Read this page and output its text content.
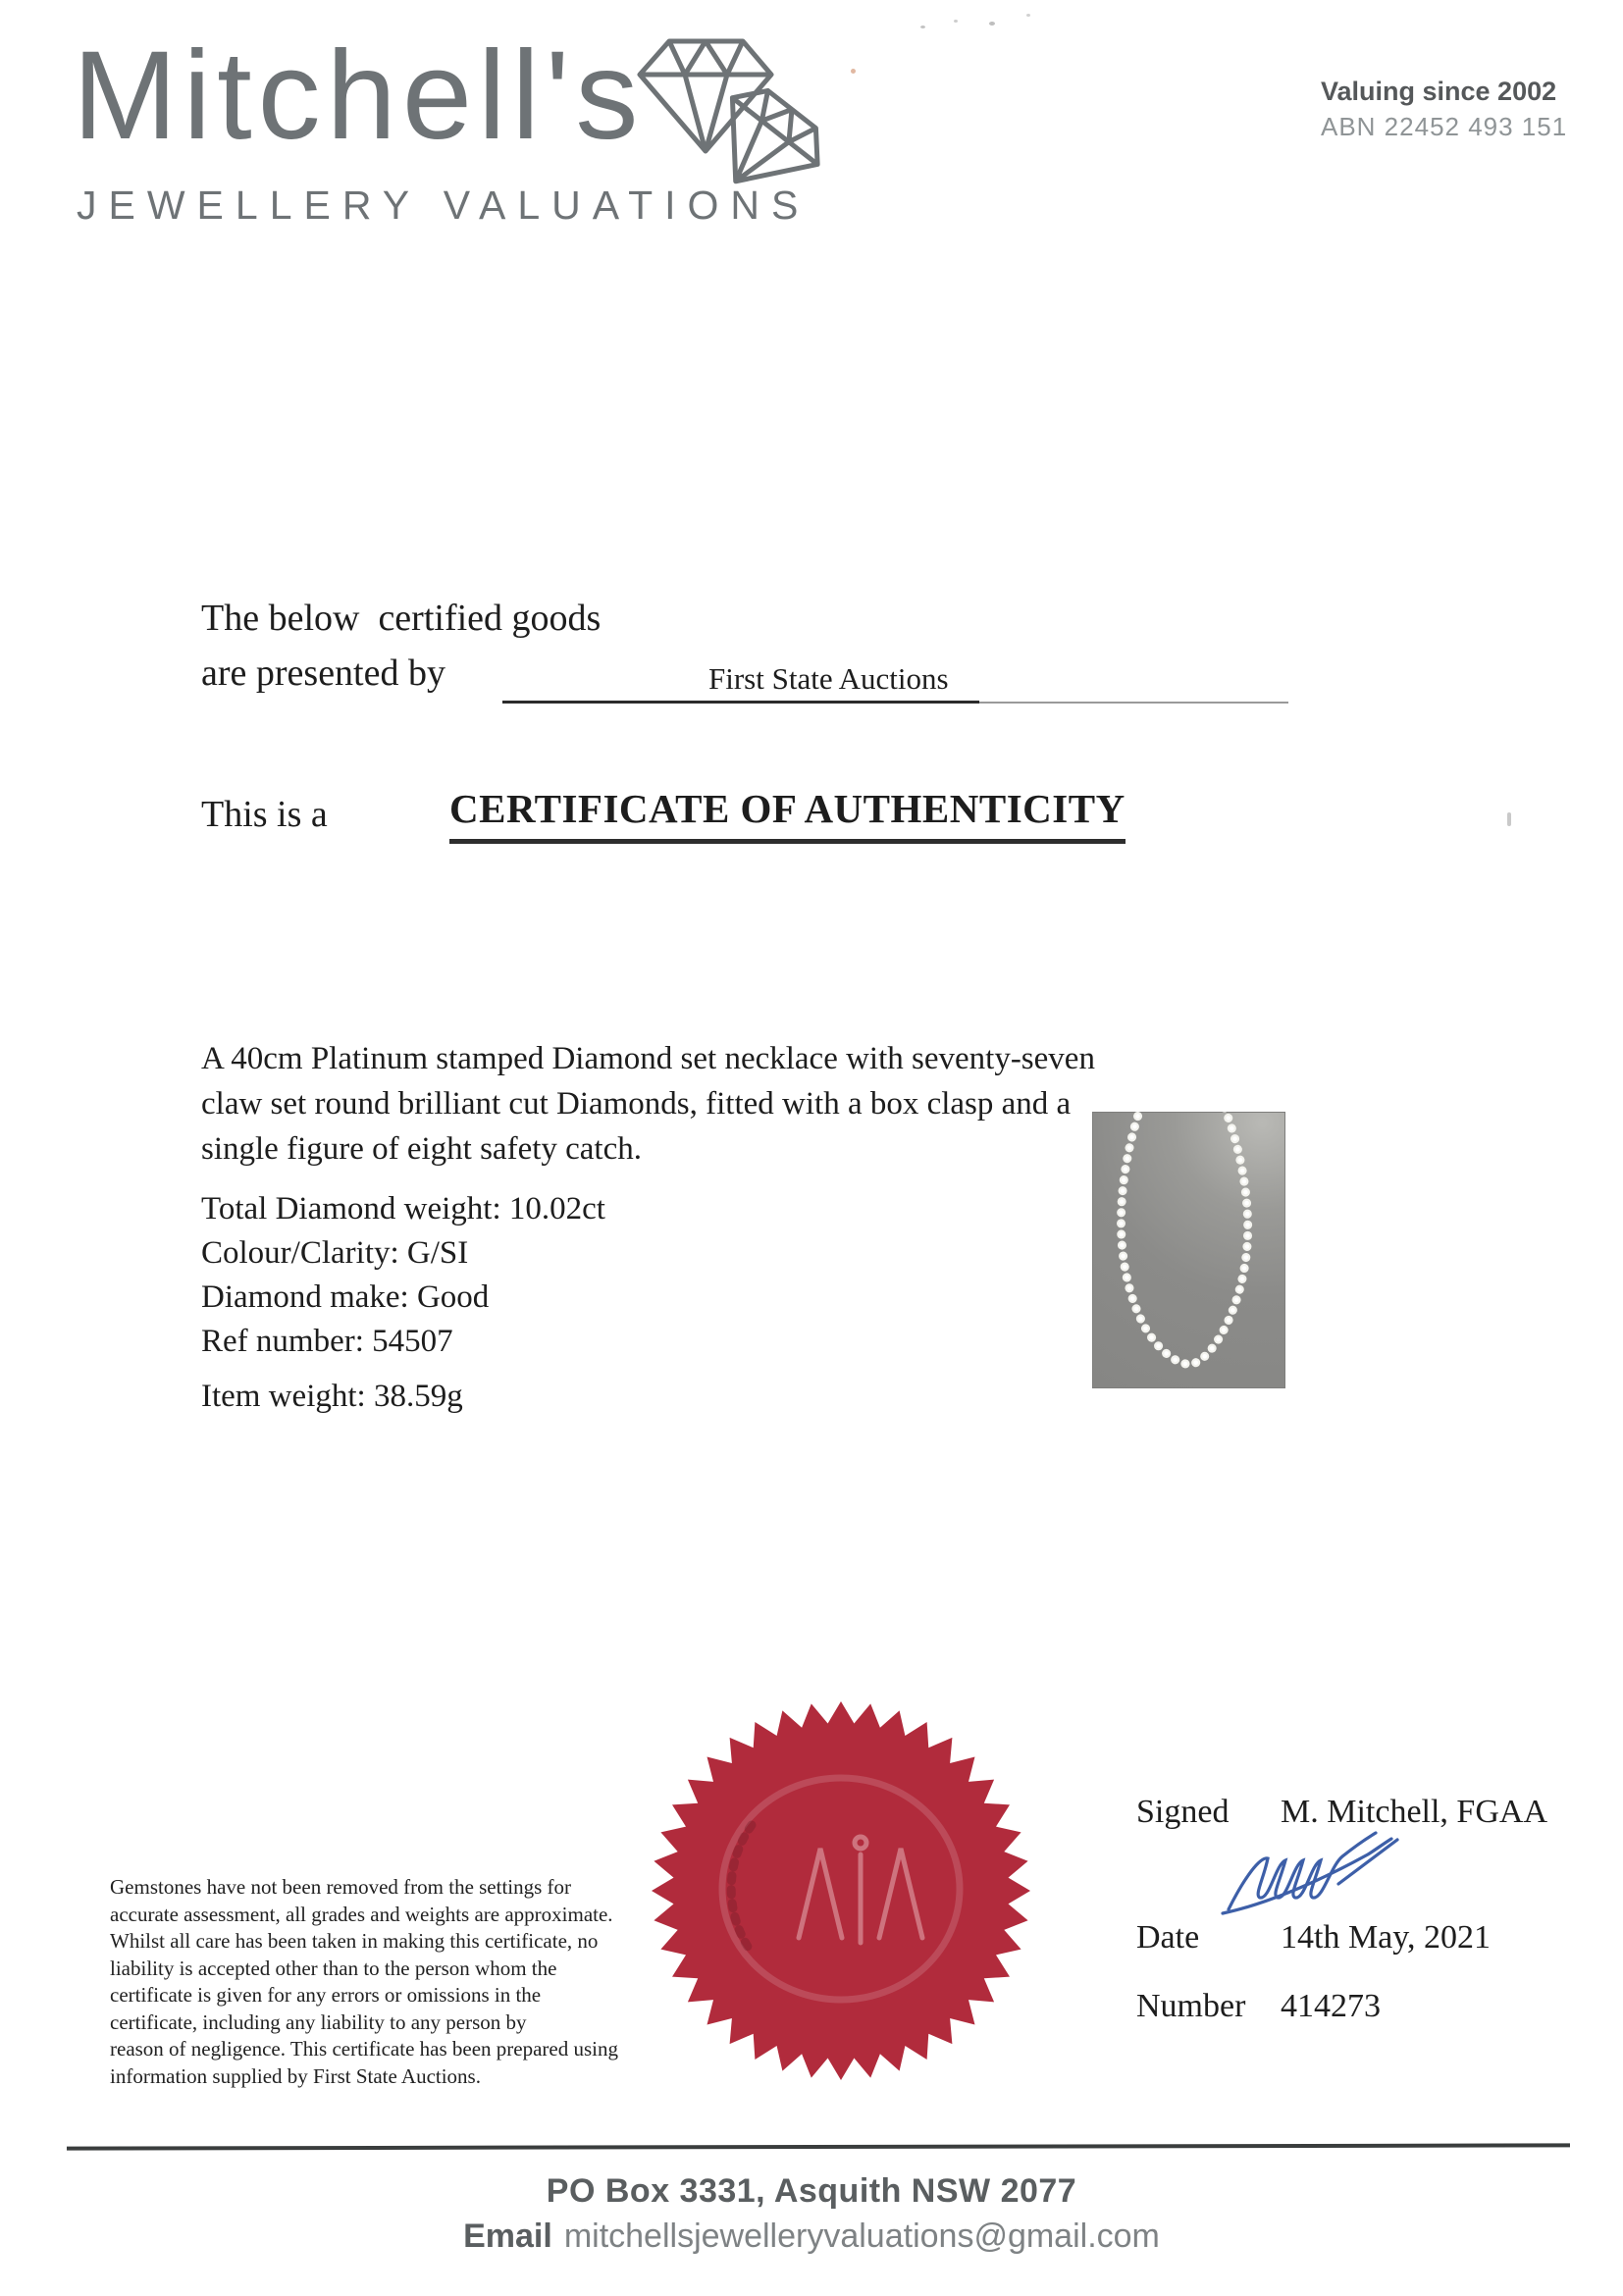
Mitchell's
JEWELLERY VALUATIONS
Valuing since 2002
ABN 22452 493 151
The below  certified goods
are presented by	First State Auctions
This is a	CERTIFICATE OF AUTHENTICITY
A 40cm Platinum stamped Diamond set necklace with seventy-seven
claw set round brilliant cut Diamonds, fitted with a box clasp and a
single figure of eight safety catch.
Total Diamond weight: 10.02ct
Colour/Clarity: G/SI
Diamond make: Good
Ref number: 54507
Item weight: 38.59g
Gemstones have not been removed from the settings for
accurate assessment, all grades and weights are approximate.
Whilst all care has been taken in making this certificate, no
liability is accepted other than to the person whom the
certificate is given for any errors or omissions in the
certificate, including any liability to any person by
reason of negligence. This certificate has been prepared using
information supplied by First State Auctions.
Signed M. Mitchell, FGAA
Date 14th May, 2021
Number 414273
PO Box 3331, Asquith NSW 2077
Email mitchellsjewelleryvaluations@gmail.com
